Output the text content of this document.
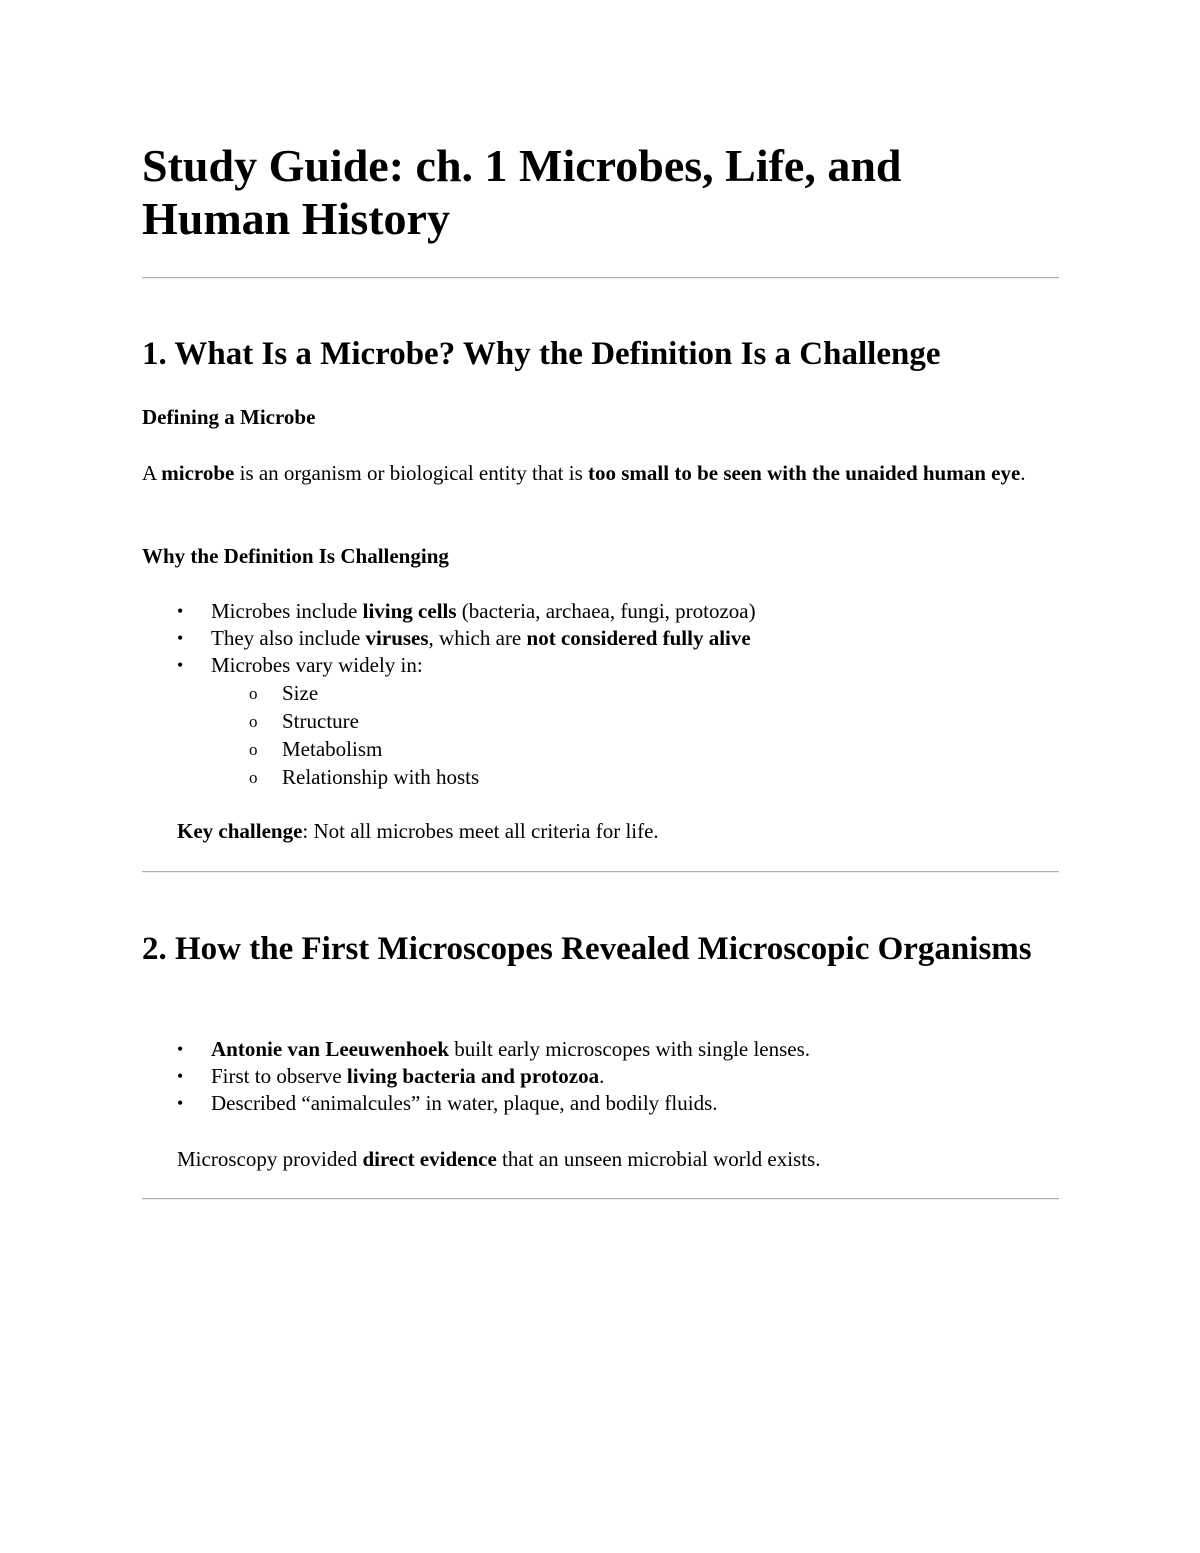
Study Guide: ch. 1 Microbes, Life, and Human History
1. What Is a Microbe? Why the Definition Is a Challenge
Defining a Microbe

A microbe is an organism or biological entity that is too small to be seen with the unaided human eye.

Why the Definition Is Challenging
• Microbes include living cells (bacteria, archaea, fungi, protozoa)
• They also include viruses, which are not considered fully alive
• Microbes vary widely in:
o Size
o Structure
o Metabolism
o Relationship with hosts

Key challenge: Not all microbes meet all criteria for life.

2. How the First Microscopes Revealed Microscopic Organisms
• Antonie van Leeuwenhoek built early microscopes with single lenses.
• First to observe living bacteria and protozoa.
• Described “animalcules” in water, plaque, and bodily fluids.

Microscopy provided direct evidence that an unseen microbial world exists.
